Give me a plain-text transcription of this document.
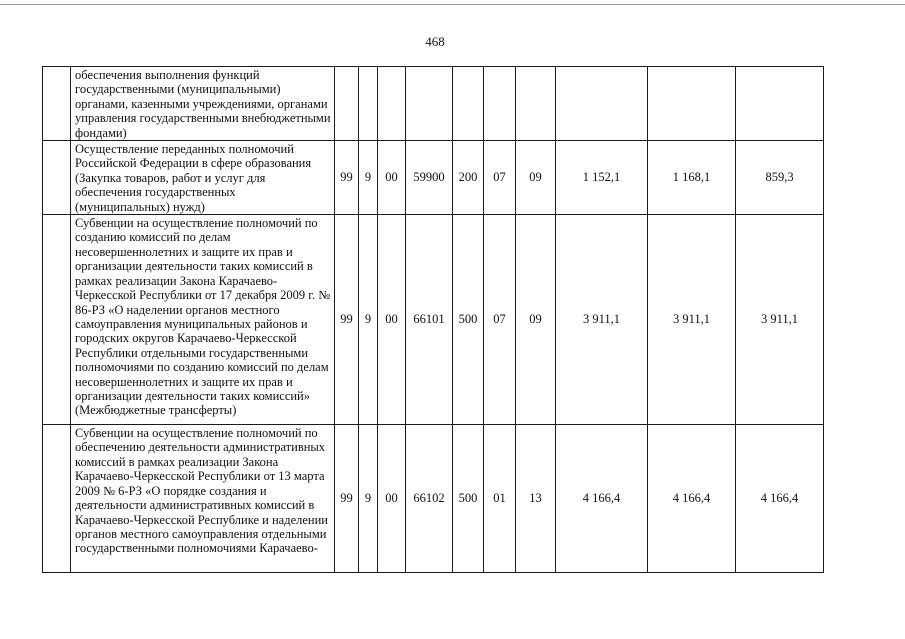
468
	обеспечения выполнения функций государственными (муниципальными) органами, казенными учреждениями, органами управления государственными внебюджетными фондами)										
	Осуществление переданных полномочий Российской Федерации в сфере образования (Закупка товаров, работ и услуг для обеспечения государственных (муниципальных) нужд)	99	9	00	59900	200	07	09	1 152,1	1 168,1	859,3
	Субвенции на осуществление полномочий по созданию комиссий по делам несовершеннолетних и защите их прав и организации деятельности таких комиссий в рамках реализации Закона Карачаево-Черкесской Республики от 17 декабря 2009 г. № 86-РЗ «О наделении органов местного самоуправления муниципальных районов и городских округов Карачаево-Черкесской Республики отдельными государственными полномочиями по созданию комиссий по делам несовершеннолетних и защите их прав и организации деятельности таких комиссий» (Межбюджетные трансферты)	99	9	00	66101	500	07	09	3 911,1	3 911,1	3 911,1
	Субвенции на осуществление полномочий по обеспечению деятельности административных комиссий в рамках реализации Закона Карачаево-Черкесской Республики от 13 марта 2009 № 6-РЗ «О порядке создания и деятельности административных комиссий в Карачаево-Черкесской Республике и наделении органов местного самоуправления отдельными государственными полномочиями Карачаево-	99	9	00	66102	500	01	13	4 166,4	4 166,4	4 166,4
